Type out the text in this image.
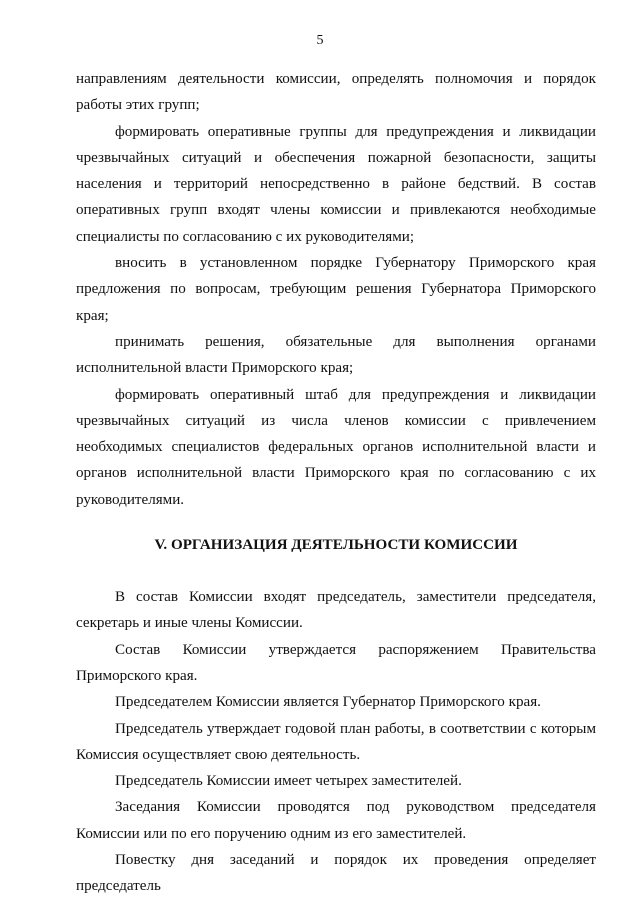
5

направлениям деятельности комиссии, определять полномочия и порядок работы этих групп;

формировать оперативные группы для предупреждения и ликвидации чрезвычайных ситуаций и обеспечения пожарной безопасности, защиты населения и территорий непосредственно в районе бедствий. В состав оперативных групп входят члены комиссии и привлекаются необходимые специалисты по согласованию с их руководителями;

вносить в установленном порядке Губернатору Приморского края предложения по вопросам, требующим решения Губернатора Приморского края;

принимать решения, обязательные для выполнения органами исполнительной власти Приморского края;

формировать оперативный штаб для предупреждения и ликвидации чрезвычайных ситуаций из числа членов комиссии с привлечением необходимых специалистов федеральных органов исполнительной власти и органов исполнительной власти Приморского края по согласованию с их руководителями.

V. ОРГАНИЗАЦИЯ ДЕЯТЕЛЬНОСТИ КОМИССИИ

В состав Комиссии входят председатель, заместители председателя, секретарь и иные члены Комиссии.

Состав Комиссии утверждается распоряжением Правительства Приморского края.

Председателем Комиссии является Губернатор Приморского края.

Председатель утверждает годовой план работы, в соответствии с которым Комиссия осуществляет свою деятельность.

Председатель Комиссии имеет четырех заместителей.

Заседания Комиссии проводятся под руководством председателя Комиссии или по его поручению одним из его заместителей.

Повестку дня заседаний и порядок их проведения определяет председатель
